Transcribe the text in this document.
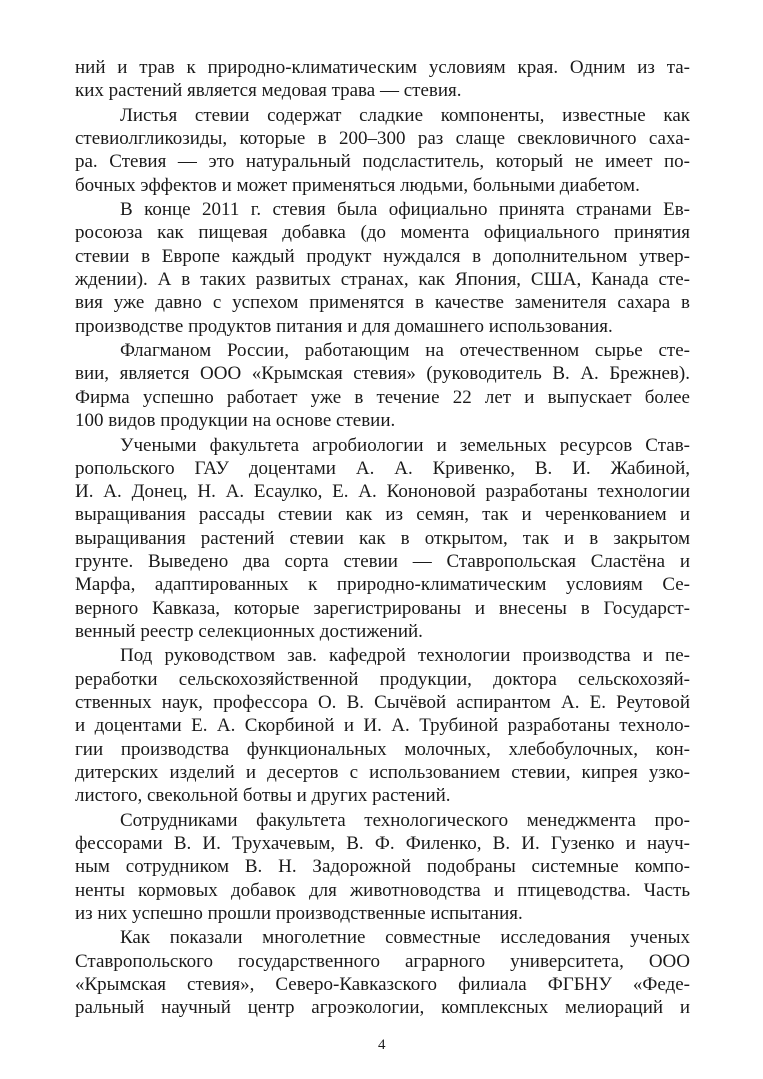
ний и трав к природно-климатическим условиям края. Одним из та-
ких растений является медовая трава — стевия.
Листья стевии содержат сладкие компоненты, известные как
стевиолгликозиды, которые в 200–300 раз слаще свекловичного саха-
ра. Стевия — это натуральный подсластитель, который не имеет по-
бочных эффектов и может применяться людьми, больными диабетом.
В конце 2011 г. стевия была официально принята странами Ев-
росоюза как пищевая добавка (до момента официального принятия
стевии в Европе каждый продукт нуждался в дополнительном утвер-
ждении). А в таких развитых странах, как Япония, США, Канада сте-
вия уже давно с успехом применятся в качестве заменителя сахара в
производстве продуктов питания и для домашнего использования.
Флагманом России, работающим на отечественном сырье сте-
вии, является ООО «Крымская стевия» (руководитель В. А. Брежнев).
Фирма успешно работает уже в течение 22 лет и выпускает более
100 видов продукции на основе стевии.
Учеными факультета агробиологии и земельных ресурсов Став-
ропольского ГАУ доцентами А. А. Кривенко, В. И. Жабиной,
И. А. Донец, Н. А. Есаулко, Е. А. Кононовой разработаны технологии
выращивания рассады стевии как из семян, так и черенкованием и
выращивания растений стевии как в открытом, так и в закрытом
грунте. Выведено два сорта стевии — Ставропольская Сластёна и
Марфа, адаптированных к природно-климатическим условиям Се-
верного Кавказа, которые зарегистрированы и внесены в Государст-
венный реестр селекционных достижений.
Под руководством зав. кафедрой технологии производства и пе-
реработки сельскохозяйственной продукции, доктора сельскохозяй-
ственных наук, профессора О. В. Сычёвой аспирантом А. Е. Реутовой
и доцентами Е. А. Скорбиной и И. А. Трубиной разработаны техноло-
гии производства функциональных молочных, хлебобулочных, кон-
дитерских изделий и десертов с использованием стевии, кипрея узко-
листого, свекольной ботвы и других растений.
Сотрудниками факультета технологического менеджмента про-
фессорами В. И. Трухачевым, В. Ф. Филенко, В. И. Гузенко и науч-
ным сотрудником В. Н. Задорожной подобраны системные компо-
ненты кормовых добавок для животноводства и птицеводства. Часть
из них успешно прошли производственные испытания.
Как показали многолетние совместные исследования ученых
Ставропольского государственного аграрного университета, ООО
«Крымская стевия», Северо-Кавказского филиала ФГБНУ «Феде-
ральный научный центр агроэкологии, комплексных мелиораций и
4
